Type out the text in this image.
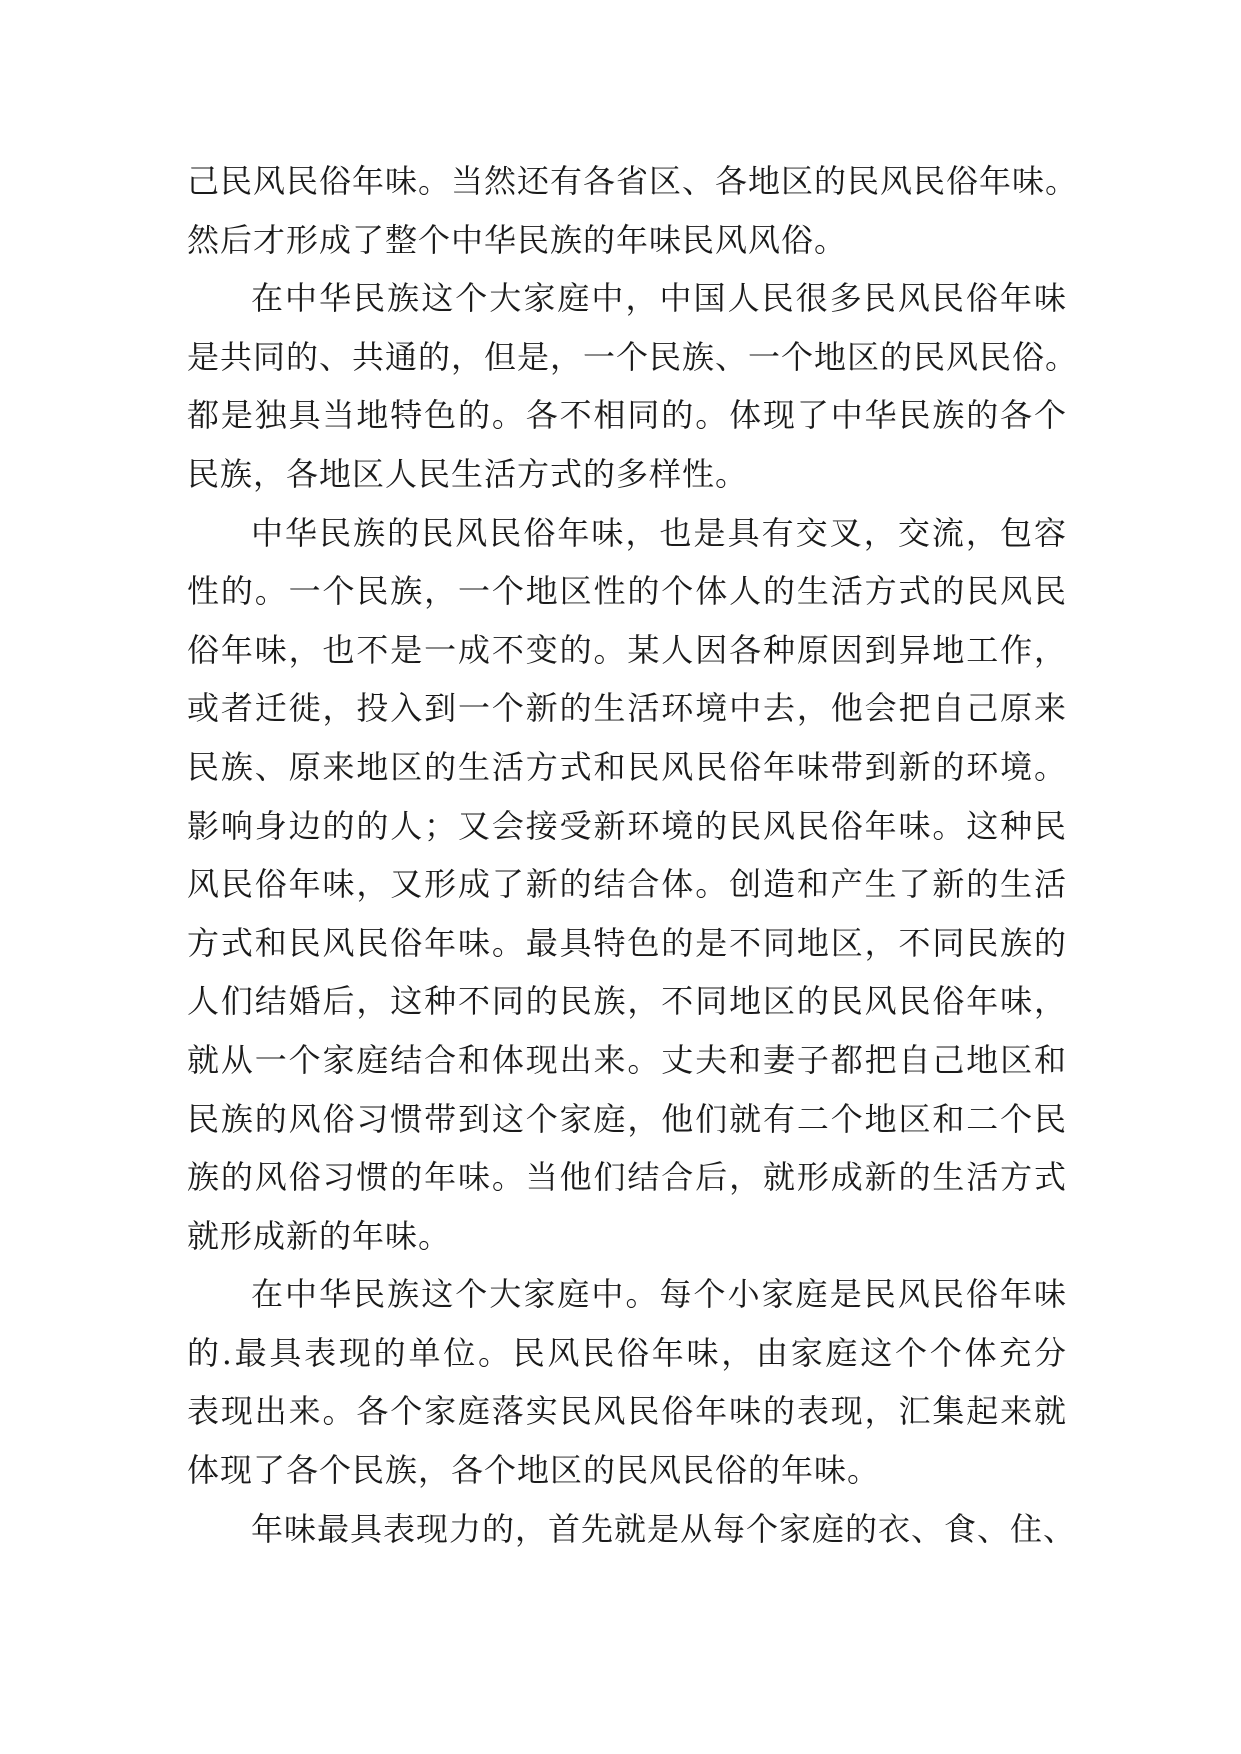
己民风民俗年味。当然还有各省区、各地区的民风民俗年味。
然后才形成了整个中华民族的年味民风风俗。
在中华民族这个大家庭中，中国人民很多民风民俗年味
是共同的、共通的，但是，一个民族、一个地区的民风民俗。
都是独具当地特色的。各不相同的。体现了中华民族的各个
民族，各地区人民生活方式的多样性。
中华民族的民风民俗年味，也是具有交叉，交流，包容
性的。一个民族，一个地区性的个体人的生活方式的民风民
俗年味，也不是一成不变的。某人因各种原因到异地工作，
或者迁徙，投入到一个新的生活环境中去，他会把自己原来
民族、原来地区的生活方式和民风民俗年味带到新的环境。
影响身边的的人；又会接受新环境的民风民俗年味。这种民
风民俗年味，又形成了新的结合体。创造和产生了新的生活
方式和民风民俗年味。最具特色的是不同地区，不同民族的
人们结婚后，这种不同的民族，不同地区的民风民俗年味，
就从一个家庭结合和体现出来。丈夫和妻子都把自己地区和
民族的风俗习惯带到这个家庭，他们就有二个地区和二个民
族的风俗习惯的年味。当他们结合后，就形成新的生活方式
就形成新的年味。
在中华民族这个大家庭中。每个小家庭是民风民俗年味
的.最具表现的单位。民风民俗年味，由家庭这个个体充分
表现出来。各个家庭落实民风民俗年味的表现，汇集起来就
体现了各个民族，各个地区的民风民俗的年味。
年味最具表现力的，首先就是从每个家庭的衣、食、住、
